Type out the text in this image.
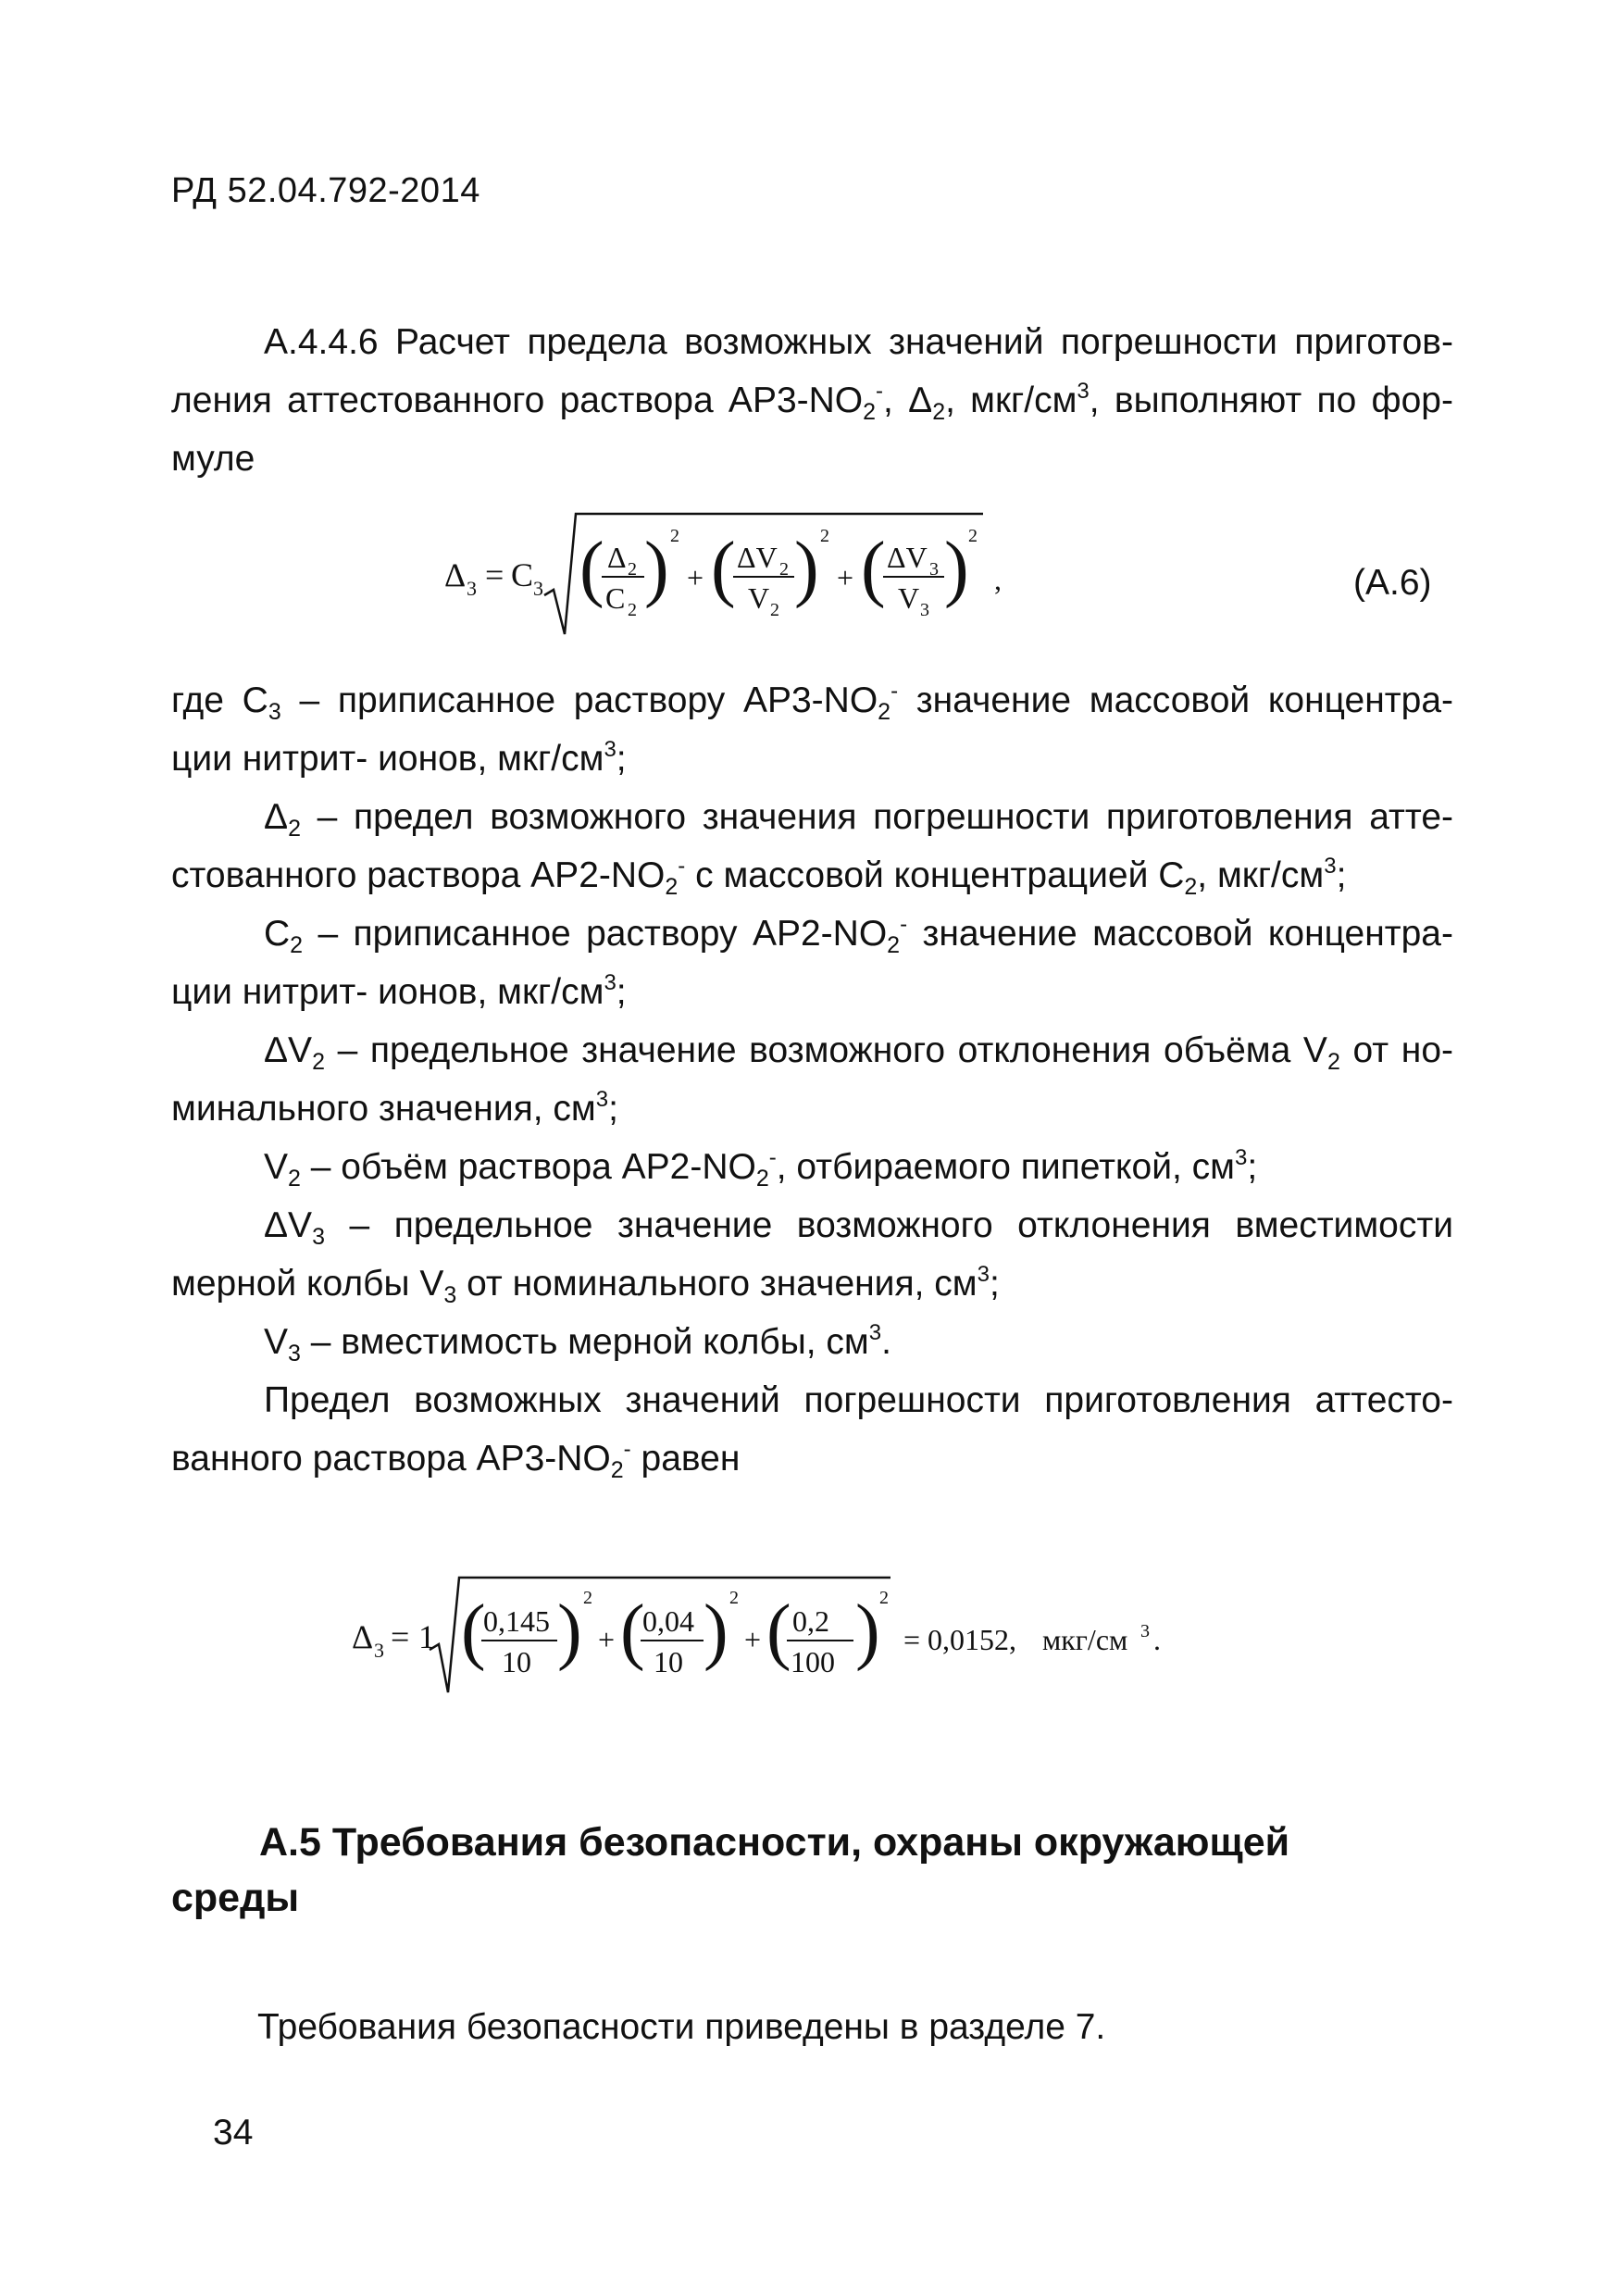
РД 52.04.792-2014
А.4.4.6 Расчет предела возможных значений погрешности приготов-
ления аттестованного раствора $АР3-NO_2^-$, $\Delta_2$, мкг/$см^3$, выполняют по фор-
муле
Δ 3 = C 3 ( Δ 2
C 2
) 2
+ ( ΔV 2
V 2
) 2
+ ( ΔV 3
V 3
) 2
,	(А.6)
где $С_3$ – приписанное раствору $АР3-NO_2^-$ значение массовой концентра-
ции нитрит- ионов, мкг/$см^3$;
$\Delta_2$ – предел возможного значения погрешности приготовления атте-
стованного раствора $АР2-NO_2^-$ с массовой концентрацией $С_2$, мкг/$см^3$;
$С_2$ – приписанное раствору $АР2-NO_2^-$ значение массовой концентра-
ции нитрит- ионов, мкг/$см^3$;
$\Delta V_2$ – предельное значение возможного отклонения объёма $V_2$ от но-
минального значения, $см^3$;
$V_2$ – объём раствора $АР2-NO_2^-$, отбираемого пипеткой, $см^3$;
$\Delta V_3$ – предельное значение возможного отклонения вместимости
мерной колбы $V_3$ от номинального значения, $см^3$;
$V_3$ – вместимость мерной колбы, $см^3$.
Предел возможных значений погрешности приготовления аттесто-
ванного раствора $АР3-NO_2^-$ равен
Δ 3 = 1 (
0,145
10 ) 2
+ (
0,04
10 ) 2
+ ( 0,2
100 ) 2
= 0,0152, мкг/см 3 .
А.5 Требования безопасности, охраны окружающей
среды
Требования безопасности приведены в разделе 7.
34
